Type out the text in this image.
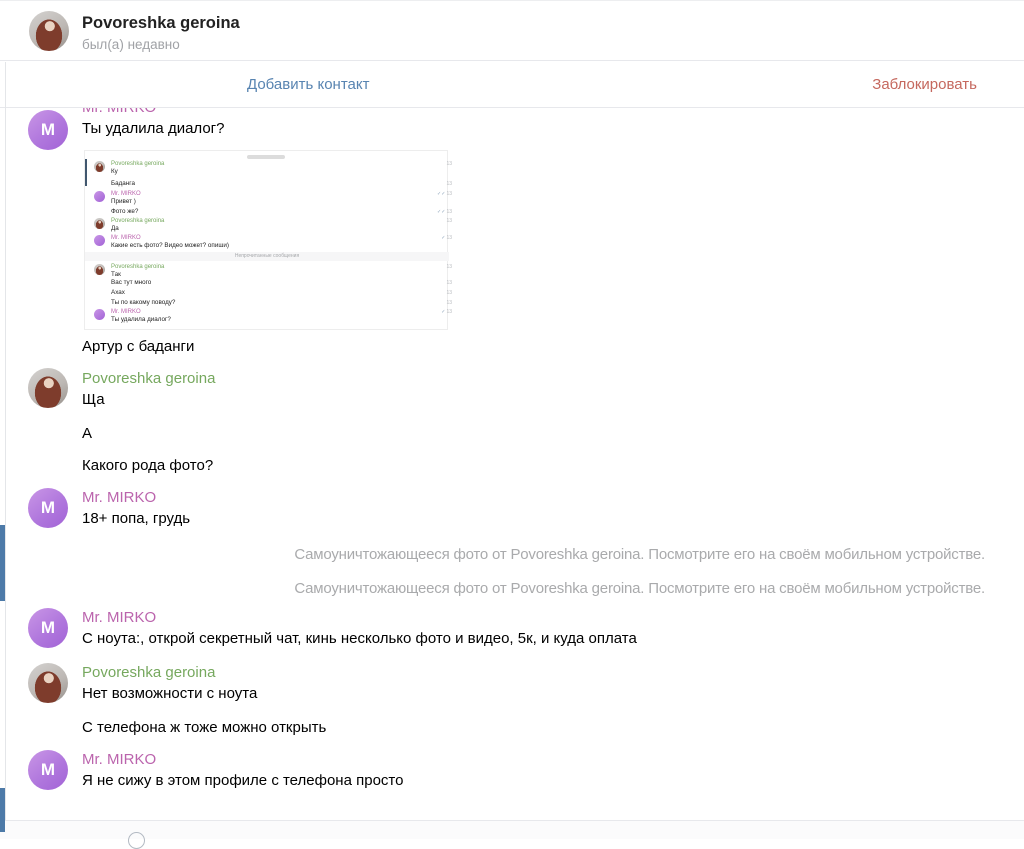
Povoreshka geroina
был(а) недавно
Добавить контакт	Заблокировать
M Ты удалила диалог?
Povoreshka geroina
Ку
13
Баданга	13
Mr. MIRKO
Привет )
✓✓13
Фото же?	✓✓13
Povoreshka geroina
Да
13
Mr. MIRKO
Какие есть фото? Видео может? опиши)
✓13
Непрочитанные сообщения
Povoreshka geroina
Так
13
Вас тут много	13
Ахах	13
Ты по какому поводу?	13
Mr. MIRKO
Ты удалила диалог?
✓13
Артур с баданги
Povoreshka geroina
Ща
А
Какого рода фото?
M
Mr. MIRKO
18+ попа, грудь
Самоуничтожающееся фото от Povoreshka geroina. Посмотрите его на своём мобильном устройстве.
Самоуничтожающееся фото от Povoreshka geroina. Посмотрите его на своём мобильном устройстве.
M
Mr. MIRKO
С ноута:, открой секретный чат, кинь несколько фото и видео, 5к, и куда оплата
Povoreshka geroina
Нет возможности с ноута
С телефона ж тоже можно открыть
M
Mr. MIRKO
Я не сижу в этом профиле с телефона просто
